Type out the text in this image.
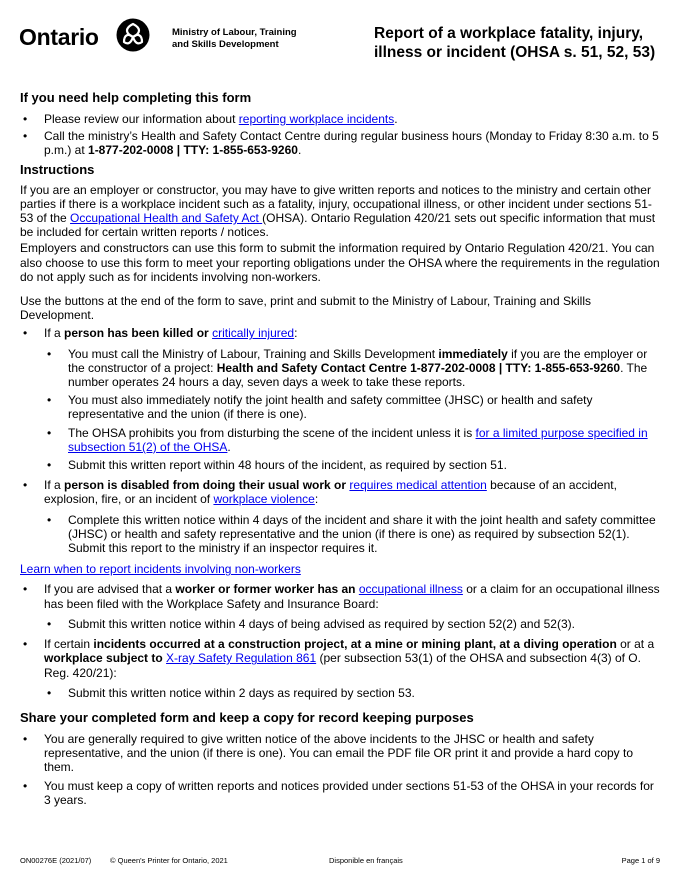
Ontario	Ministry of Labour, Training
and Skills Development
Report of a workplace fatality, injury,
illness or incident (OHSA s. 51, 52, 53)
If you need help completing this form
• Please review our information about reporting workplace incidents.
• Call the ministry’s Health and Safety Contact Centre during regular business hours (Monday to Friday 8:30 a.m. to 5 p.m.) at 1-877-202-0008 | TTY: 1-855-653-9260.
Instructions

If you are an employer or constructor, you may have to give written reports and notices to the ministry and certain other parties if there is a workplace incident such as a fatality, injury, occupational illness, or other incident under sections 51-53 of the Occupational Health and Safety Act (OHSA). Ontario Regulation 420/21 sets out specific information that must be included for certain written reports / notices.

Employers and constructors can use this form to submit the information required by Ontario Regulation 420/21. You can also choose to use this form to meet your reporting obligations under the OHSA where the requirements in the regulation do not apply such as for incidents involving non-workers.

Use the buttons at the end of the form to save, print and submit to the Ministry of Labour, Training and Skills Development.

• If a person has been killed or critically injured:
• You must call the Ministry of Labour, Training and Skills Development immediately if you are the employer or the constructor of a project: Health and Safety Contact Centre 1-877-202-0008 | TTY: 1-855-653-9260. The number operates 24 hours a day, seven days a week to take these reports.
• You must also immediately notify the joint health and safety committee (JHSC) or health and safety representative and the union (if there is one).
• The OHSA prohibits you from disturbing the scene of the incident unless it is for a limited purpose specified in subsection 51(2) of the OHSA.
• Submit this written report within 48 hours of the incident, as required by section 51.
• If a person is disabled from doing their usual work or requires medical attention because of an accident, explosion, fire, or an incident of workplace violence:
• Complete this written notice within 4 days of the incident and share it with the joint health and safety committee (JHSC) or health and safety representative and the union (if there is one) as required by subsection 52(1). Submit this report to the ministry if an inspector requires it.

Learn when to report incidents involving non-workers

• If you are advised that a worker or former worker has an occupational illness or a claim for an occupational illness has been filed with the Workplace Safety and Insurance Board:
• Submit this written notice within 4 days of being advised as required by section 52(2) and 52(3).
• If certain incidents occurred at a construction project, at a mine or mining plant, at a diving operation or at a workplace subject to X-ray Safety Regulation 861 (per subsection 53(1) of the OHSA and subsection 4(3) of O. Reg. 420/21):
• Submit this written notice within 2 days as required by section 53.
Share your completed form and keep a copy for record keeping purposes
• You are generally required to give written notice of the above incidents to the JHSC or health and safety representative, and the union (if there is one). You can email the PDF file OR print it and provide a hard copy to them.
• You must keep a copy of written reports and notices provided under sections 51-53 of the OHSA in your records for 3 years.
ON00276E (2021/07) © Queen's Printer for Ontario, 2021	Disponible en français	Page 1 of 9
